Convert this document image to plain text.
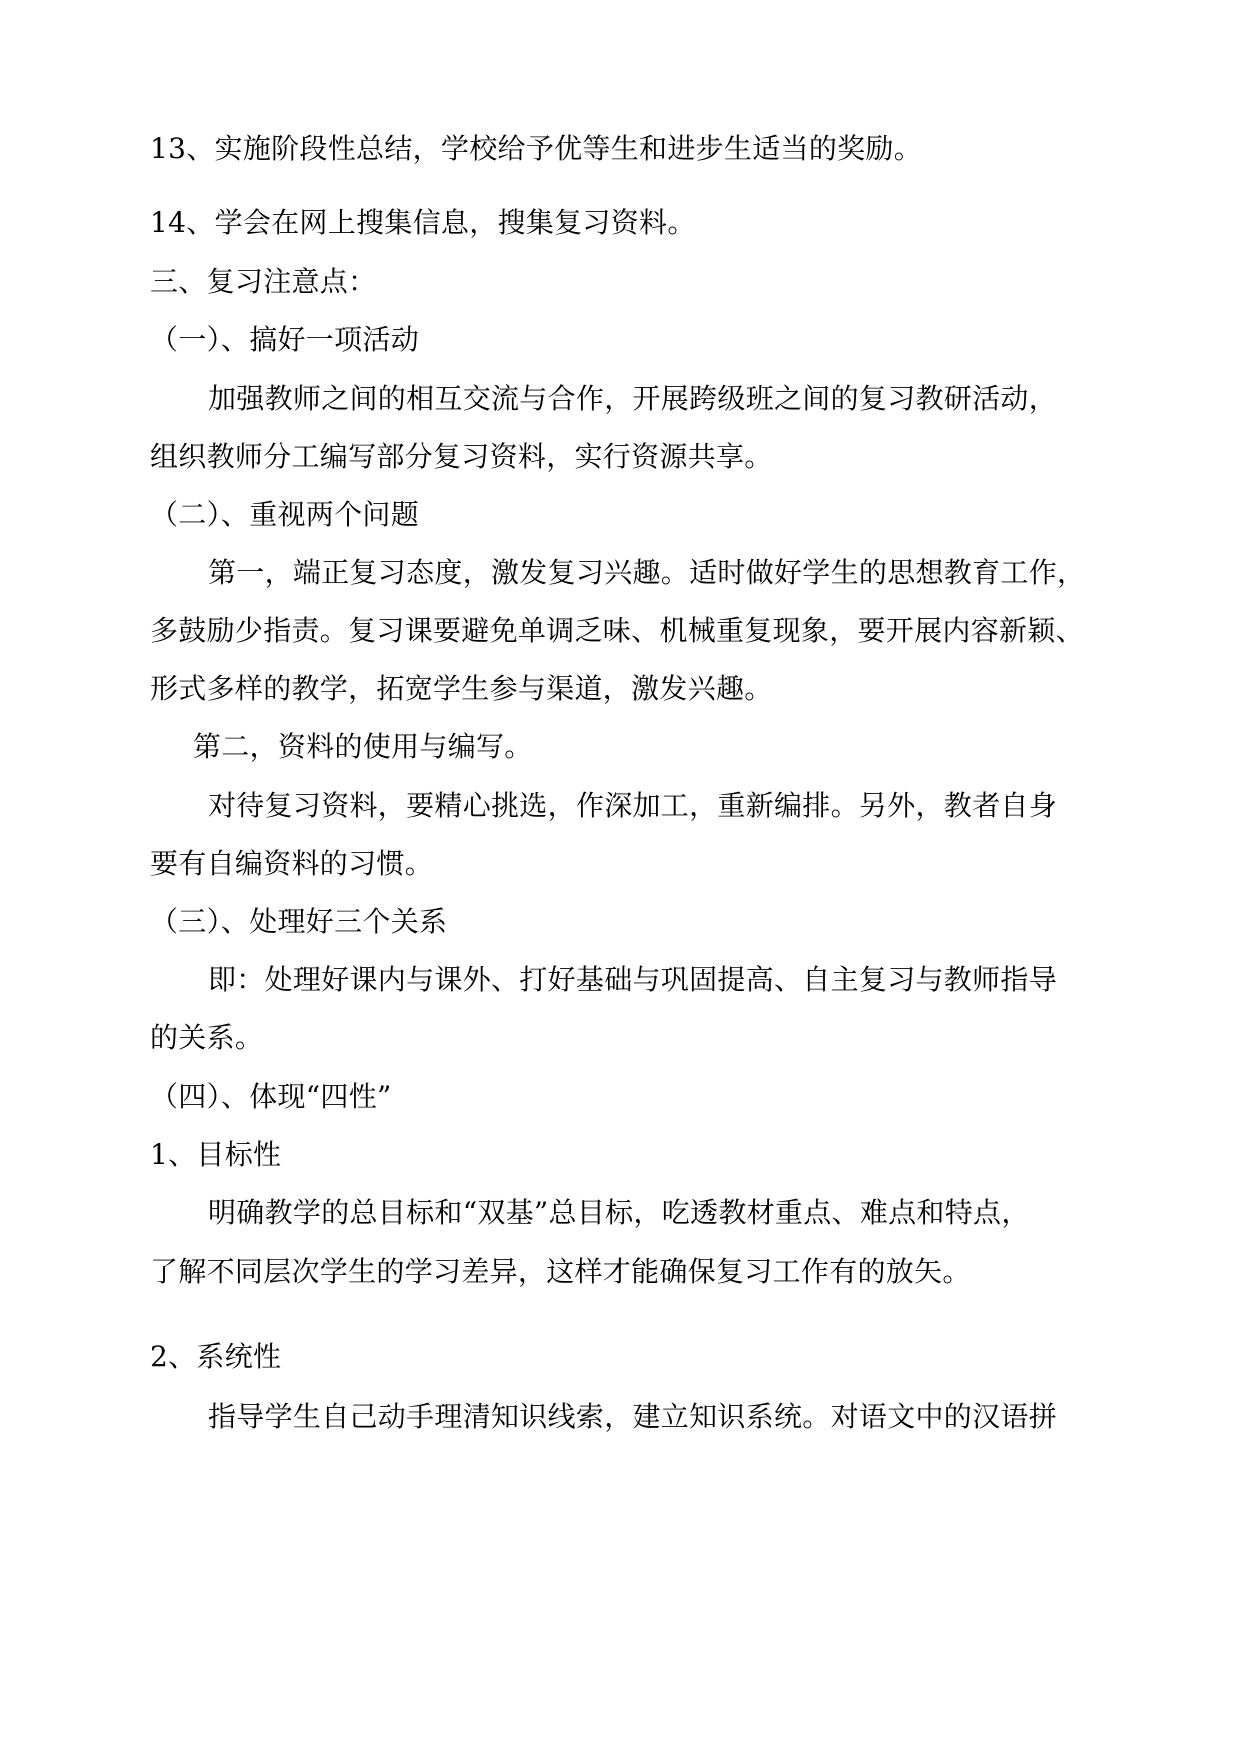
13、实施阶段性总结，学校给予优等生和进步生适当的奖励。
14、学会在网上搜集信息，搜集复习资料。
三、复习注意点：
（一）、搞好一项活动
加强教师之间的相互交流与合作，开展跨级班之间的复习教研活动，
组织教师分工编写部分复习资料，实行资源共享。
（二）、重视两个问题
第一，端正复习态度，激发复习兴趣。适时做好学生的思想教育工作，
多鼓励少指责。复习课要避免单调乏味、机械重复现象，要开展内容新颖、
形式多样的教学，拓宽学生参与渠道，激发兴趣。
第二，资料的使用与编写。
对待复习资料，要精心挑选，作深加工，重新编排。另外，教者自身
要有自编资料的习惯。
（三）、处理好三个关系
即：处理好课内与课外、打好基础与巩固提高、自主复习与教师指导
的关系。
（四）、体现“四性”
1、目标性
明确教学的总目标和“双基”总目标，吃透教材重点、难点和特点，
了解不同层次学生的学习差异，这样才能确保复习工作有的放矢。
2、系统性
指导学生自己动手理清知识线索，建立知识系统。对语文中的汉语拼
